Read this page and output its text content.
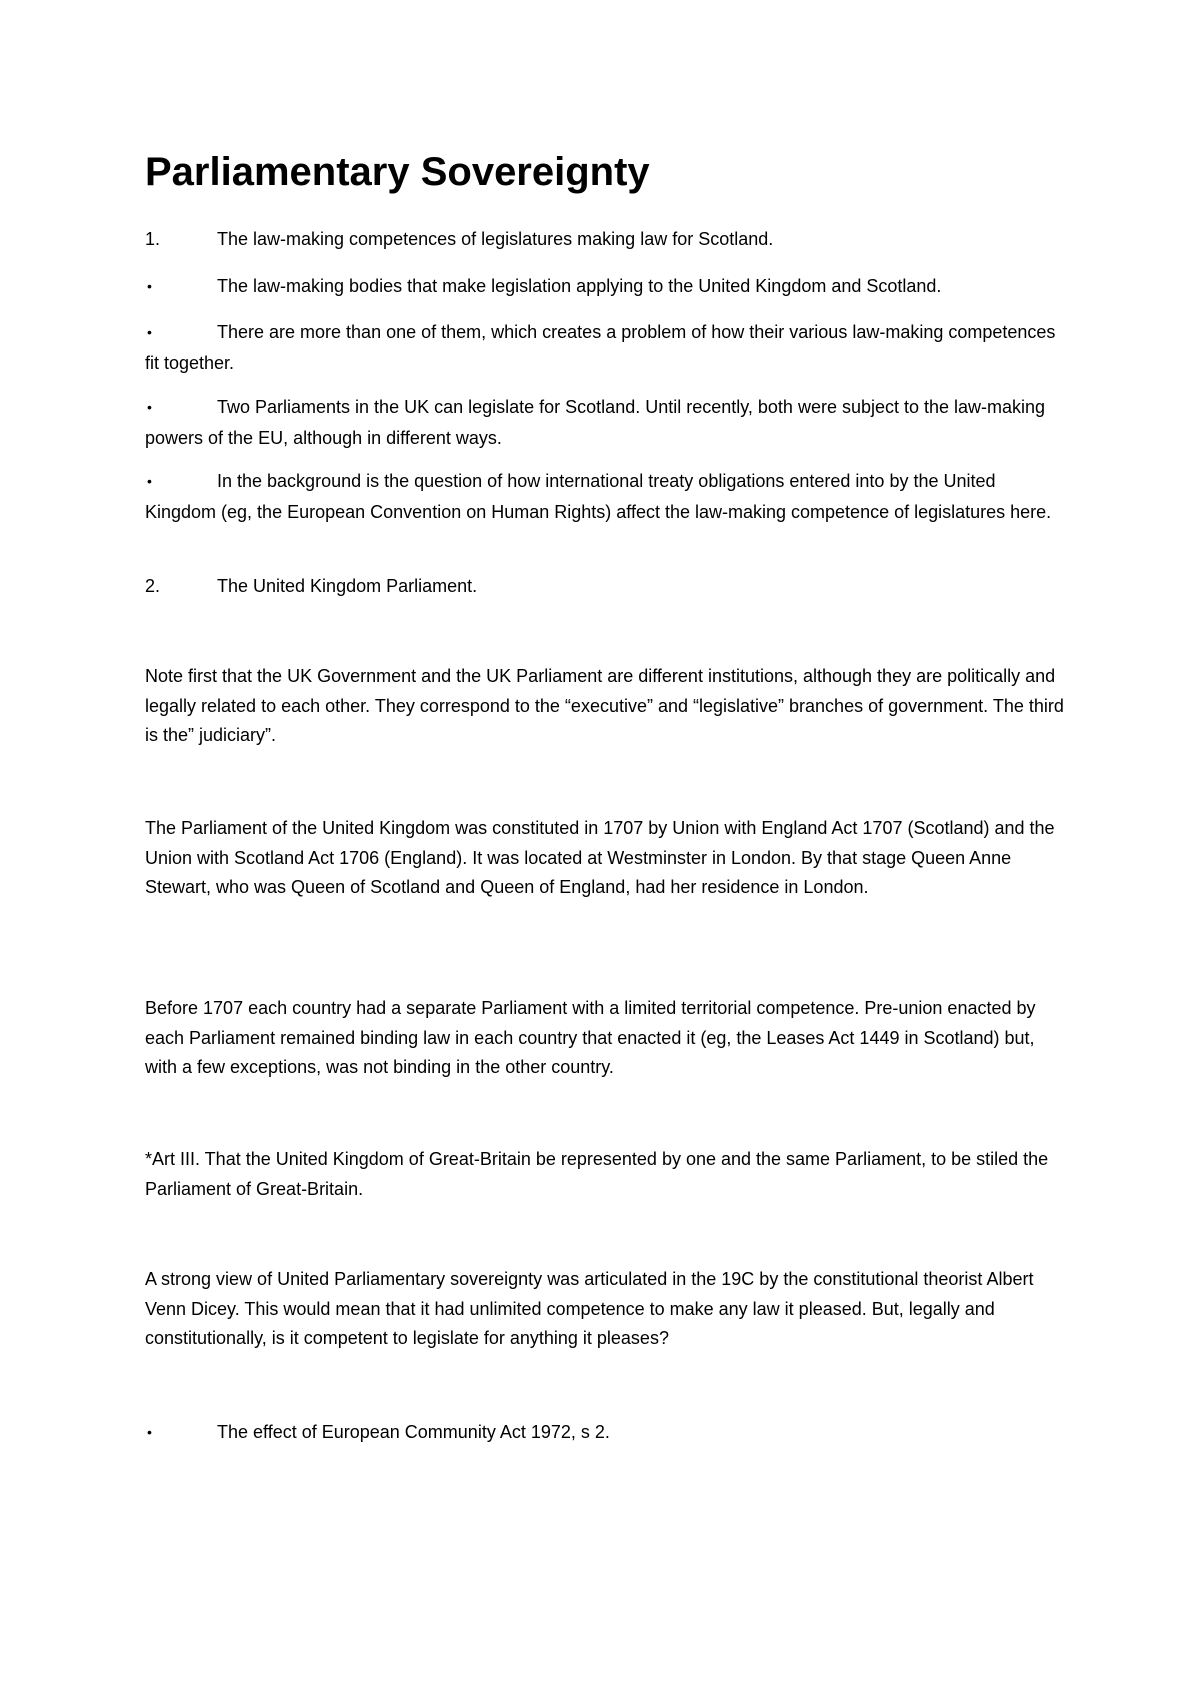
Parliamentary Sovereignty

1.	The law-making competences of legislatures making law for Scotland.

•	The law-making bodies that make legislation applying to the United Kingdom and Scotland.

•	There are more than one of them, which creates a problem of how their various law-making competences fit together.

•	Two Parliaments in the UK can legislate for Scotland. Until recently, both were subject to the law-making powers of the EU, although in different ways.

•	In the background is the question of how international treaty obligations entered into by the United Kingdom (eg, the European Convention on Human Rights) affect the law-making competence of legislatures here.

2.	The United Kingdom Parliament.

Note first that the UK Government and the UK Parliament are different institutions, although they are politically and legally related to each other. They correspond to the “executive” and “legislative” branches of government. The third is the” judiciary”.

The Parliament of the United Kingdom was constituted in 1707 by Union with England Act 1707 (Scotland) and the Union with Scotland Act 1706 (England). It was located at Westminster in London. By that stage Queen Anne Stewart, who was Queen of Scotland and Queen of England, had her residence in London.

Before 1707 each country had a separate Parliament with a limited territorial competence. Pre-union enacted by each Parliament remained binding law in each country that enacted it (eg, the Leases Act 1449 in Scotland) but, with a few exceptions, was not binding in the other country.

*Art III. That the United Kingdom of Great-Britain be represented by one and the same Parliament, to be stiled the Parliament of Great-Britain.

A strong view of United Parliamentary sovereignty was articulated in the 19C by the constitutional theorist Albert Venn Dicey. This would mean that it had unlimited competence to make any law it pleased. But, legally and constitutionally, is it competent to legislate for anything it pleases?

•	The effect of European Community Act 1972, s 2.
